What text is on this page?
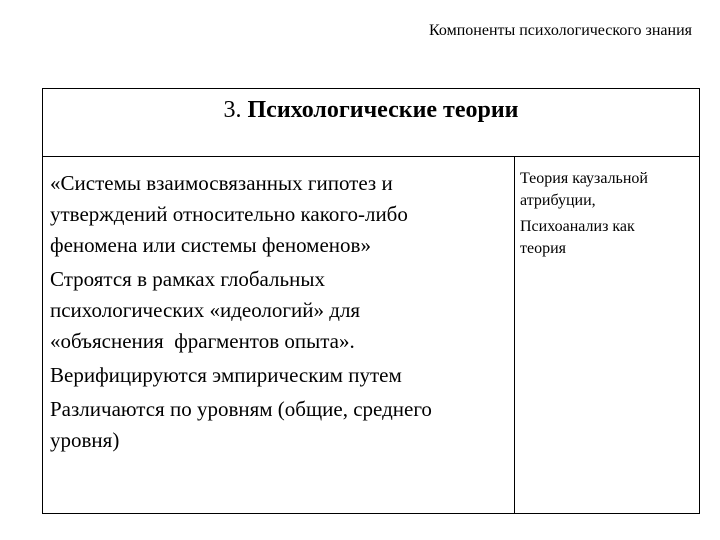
Компоненты психологического знания
3. Психологические теории
«Системы взаимосвязанных гипотез и
утверждений относительно какого-либо
феномена или системы феноменов»
Строятся в рамках глобальных
психологических «идеологий» для
«объяснения  фрагментов опыта».
Верифицируются эмпирическим путем
Различаются по уровням (общие, среднего
уровня)
Теория каузальной
атрибуции,
Психоанализ как
теория
